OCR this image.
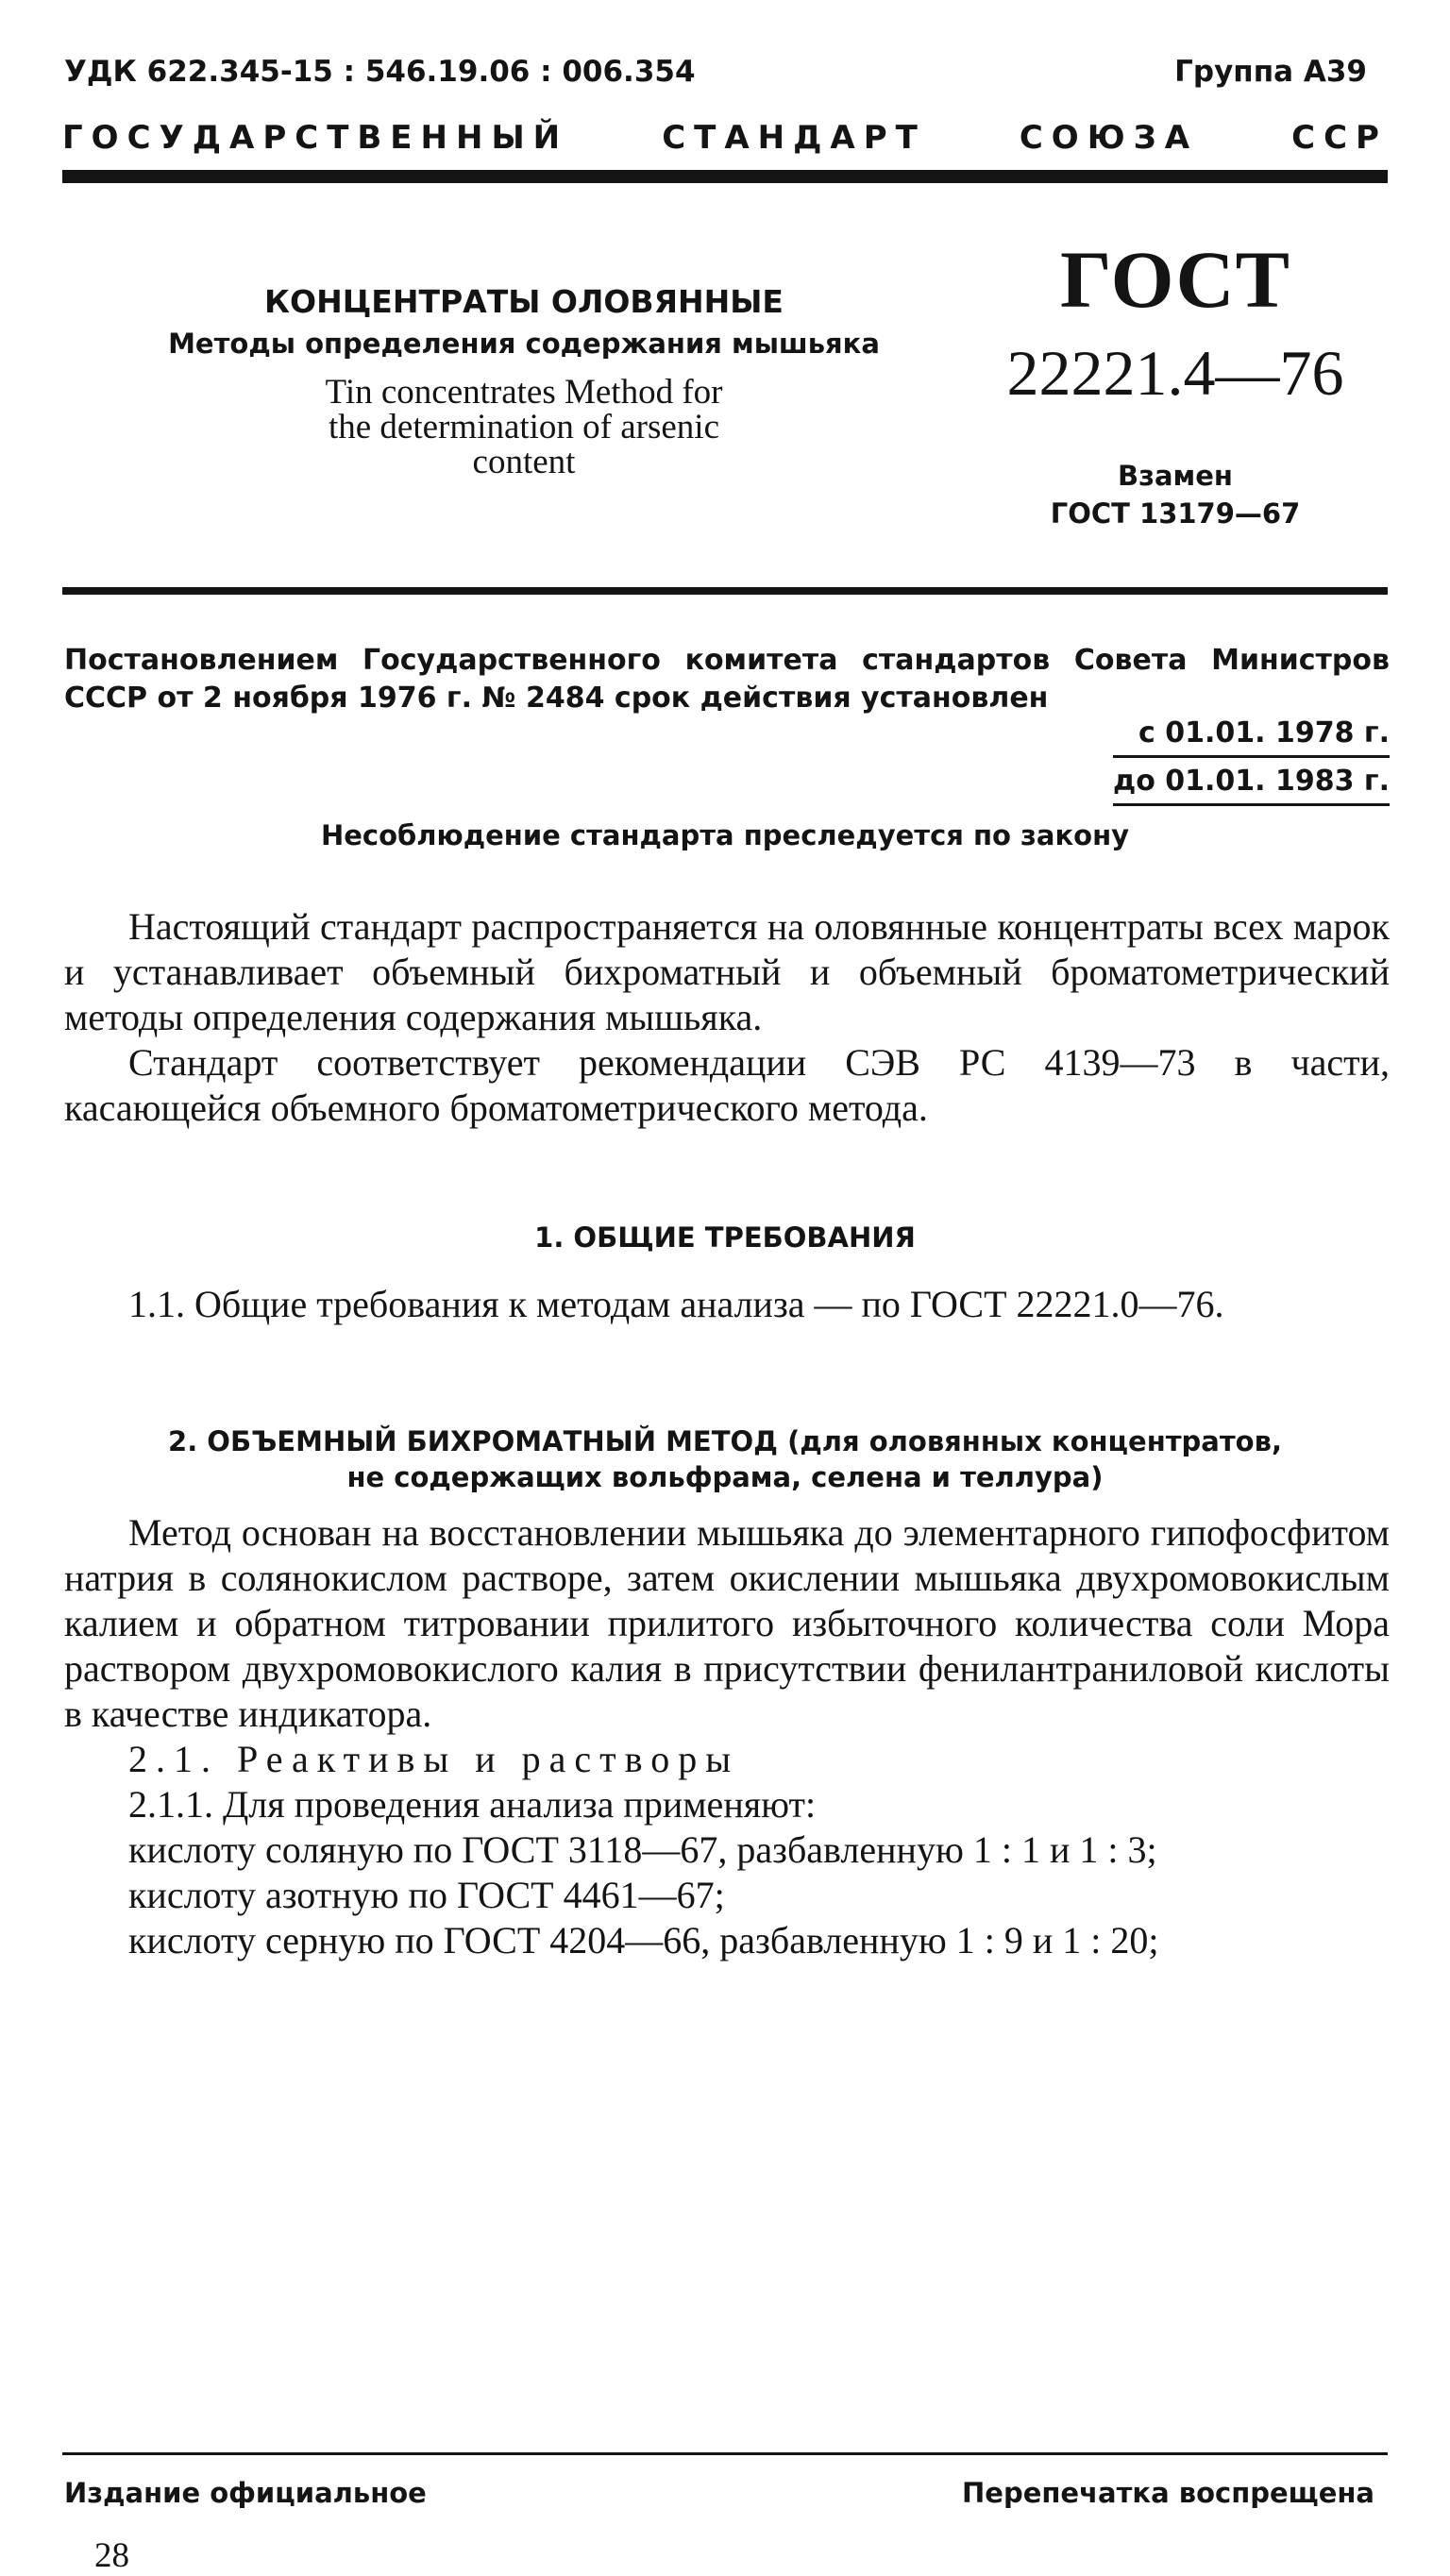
УДК 622.345-15 : 546.19.06 : 006.354	Группа А39
ГОСУДАРСТВЕННЫЙ	СТАНДАРТ	СОЮЗА	ССР
КОНЦЕНТРАТЫ ОЛОВЯННЫЕ
Методы определения содержания мышьяка
Tin concentrates Method for
the determination of arsenic
content
ГОСТ
22221.4—76
Взамен
ГОСТ 13179—67
Постановлением Государственного комитета стандартов Совета Министров
СССР от 2 ноября 1976 г. № 2484 срок действия установлен
с 01.01. 1978 г.
до 01.01. 1983 г.
Несоблюдение стандарта преследуется по закону

Настоящий стандарт распространяется на оловянные концентраты всех марок и устанавливает объемный бихроматный и объемный броматометрический методы определения содержания мышьяка.

Стандарт соответствует рекомендации СЭВ РС 4139—73 в части, касающейся объемного броматометрического метода.

1. ОБЩИЕ ТРЕБОВАНИЯ

1.1. Общие требования к методам анализа — по ГОСТ 22221.0—76.

2. ОБЪЕМНЫЙ БИХРОМАТНЫЙ МЕТОД (для оловянных концентратов,
не содержащих вольфрама, селена и теллура)

Метод основан на восстановлении мышьяка до элементарного гипофосфитом натрия в солянокислом растворе, затем окислении мышьяка двухромовокислым калием и обратном титровании прилитого избыточного количества соли Мора раствором двухромовокислого калия в присутствии фенилантраниловой кислоты в качестве индикатора.

2.1. Реактивы и растворы

2.1.1. Для проведения анализа применяют:

кислоту соляную по ГОСТ 3118—67, разбавленную 1 : 1 и 1 : 3;

кислоту азотную по ГОСТ 4461—67;

кислоту серную по ГОСТ 4204—66, разбавленную 1 : 9 и 1 : 20;

Издание официальное	Перепечатка воспрещена
28
